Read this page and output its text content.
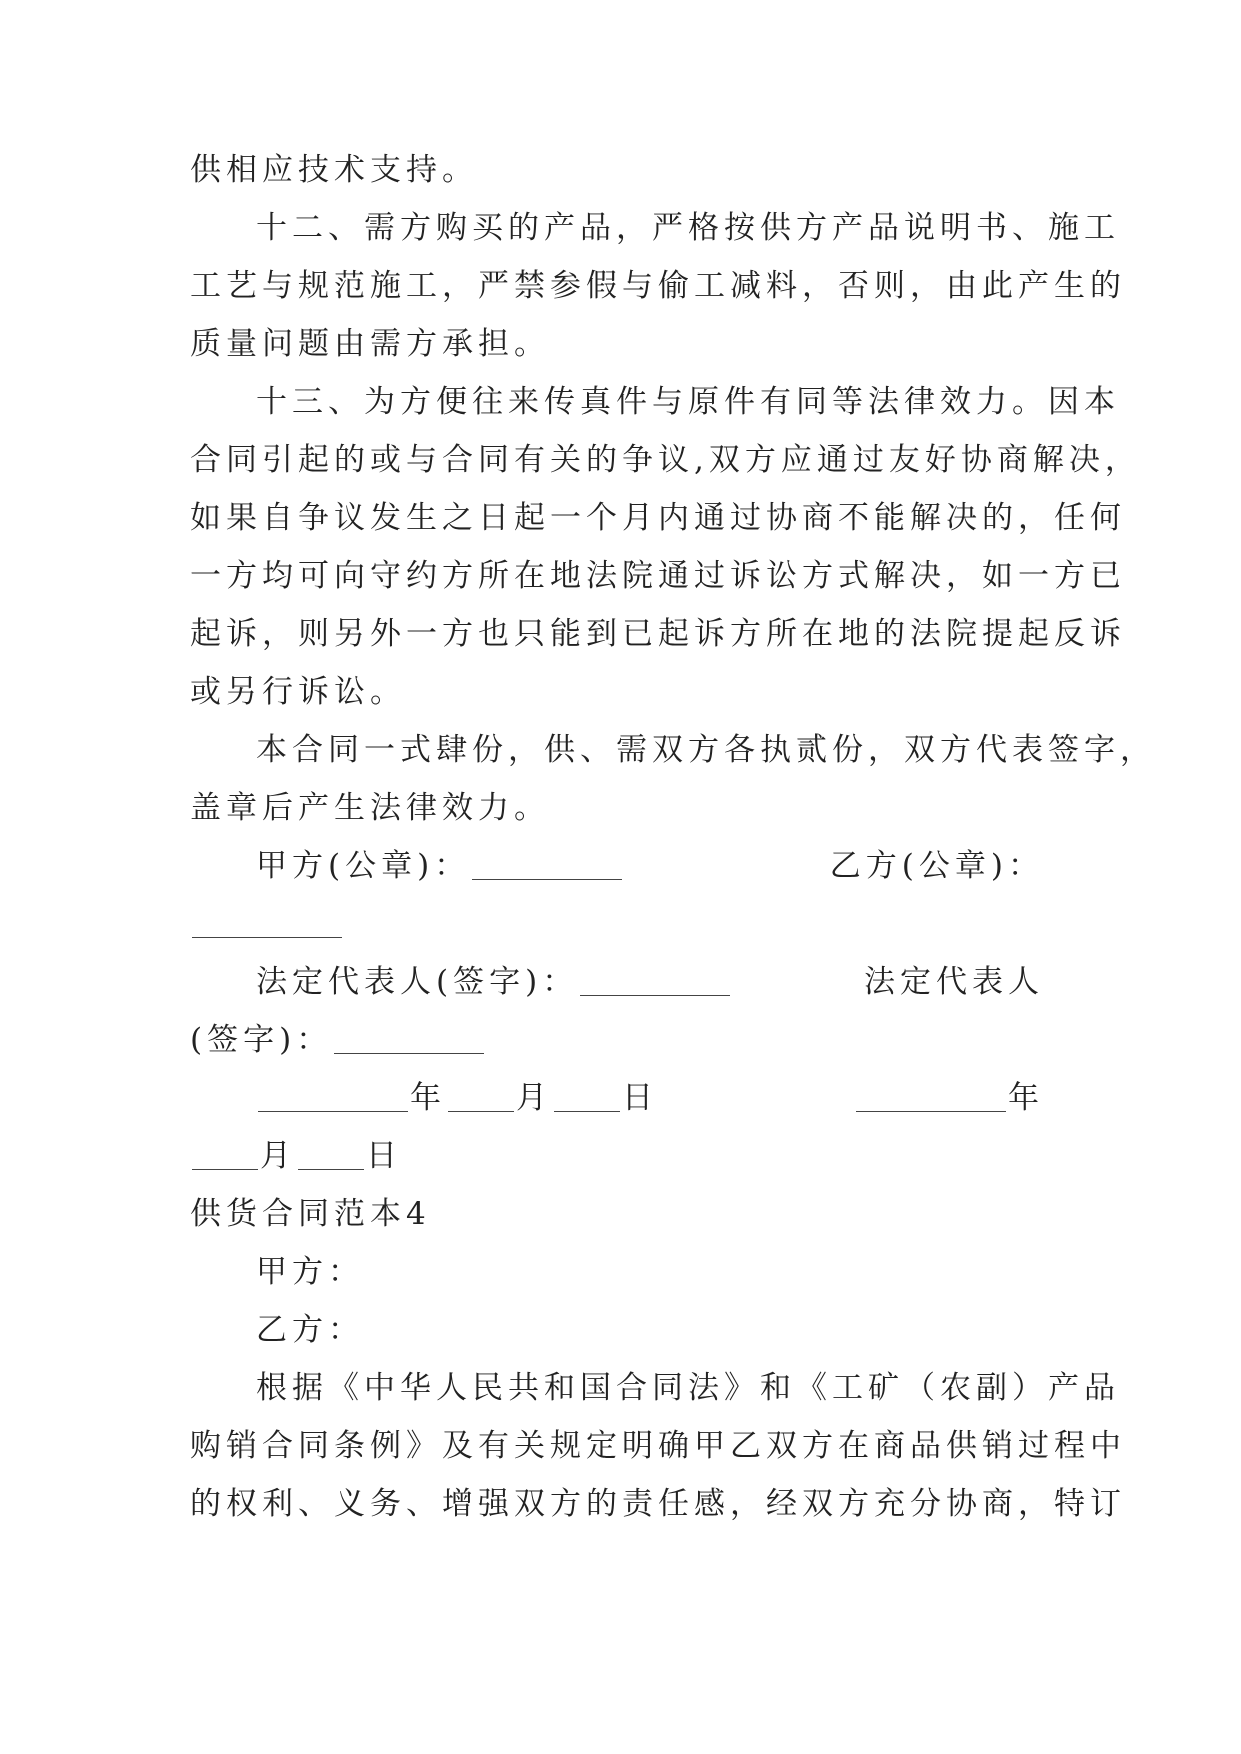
供相应技术支持。
十二、需方购买的产品，严格按供方产品说明书、施工
工艺与规范施工，严禁参假与偷工减料，否则，由此产生的
质量问题由需方承担。
十三、为方便往来传真件与原件有同等法律效力。因本
合同引起的或与合同有关的争议,双方应通过友好协商解决，
如果自争议发生之日起一个月内通过协商不能解决的，任何
一方均可向守约方所在地法院通过诉讼方式解决，如一方已
起诉，则另外一方也只能到已起诉方所在地的法院提起反诉
或另行诉讼。
本合同一式肆份，供、需双方各执贰份，双方代表签字，
盖章后产生法律效力。
甲方(公章)：	乙方(公章)：
法定代表人(签字)：	法定代表人
(签字)：
年 月 日	年
月 日
供货合同范本4
甲方：
乙方：
根据《中华人民共和国合同法》和《工矿（农副）产品
购销合同条例》及有关规定明确甲乙双方在商品供销过程中
的权利、义务、增强双方的责任感，经双方充分协商，特订
